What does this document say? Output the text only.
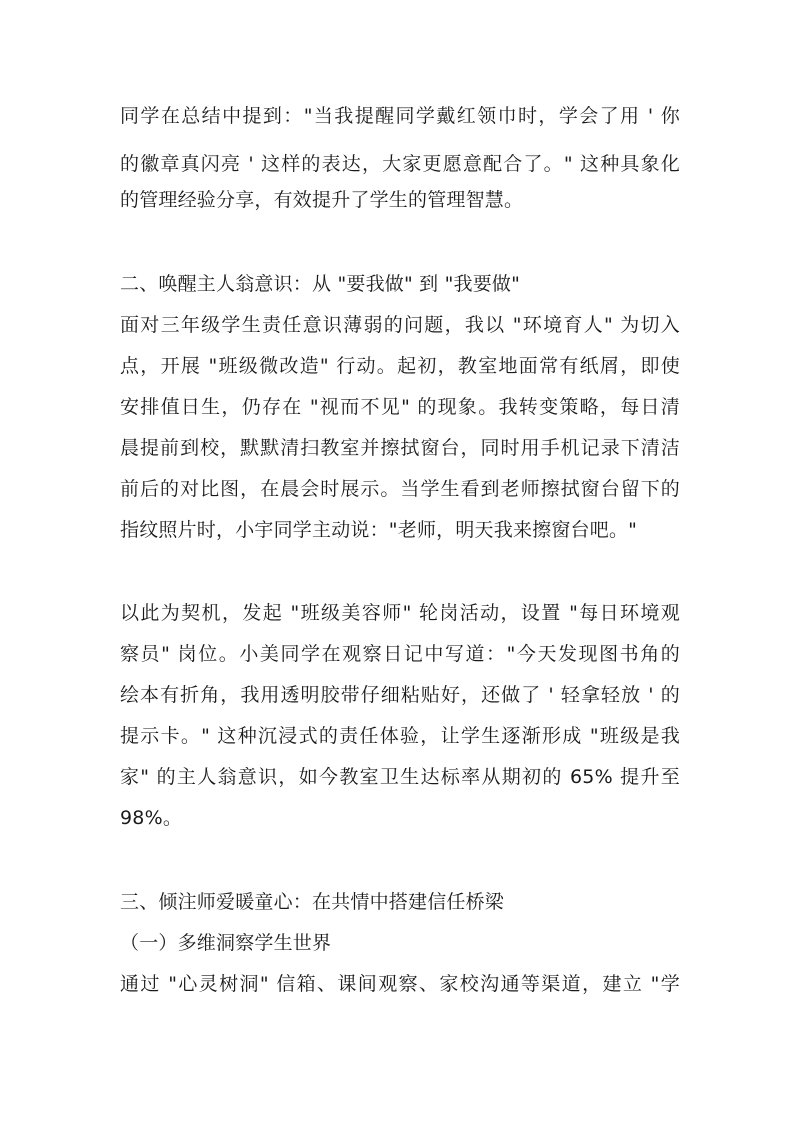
同学在总结中提到："当我提醒同学戴红领巾时，学会了用 ' 你
的徽章真闪亮 ' 这样的表达，大家更愿意配合了。" 这种具象化
的管理经验分享，有效提升了学生的管理智慧。
二、唤醒主人翁意识：从 "要我做" 到 "我要做"
面对三年级学生责任意识薄弱的问题，我以 "环境育人" 为切入
点，开展 "班级微改造" 行动。起初，教室地面常有纸屑，即使
安排值日生，仍存在 "视而不见" 的现象。我转变策略，每日清
晨提前到校，默默清扫教室并擦拭窗台，同时用手机记录下清洁
前后的对比图，在晨会时展示。当学生看到老师擦拭窗台留下的
指纹照片时，小宇同学主动说："老师，明天我来擦窗台吧。"
以此为契机，发起 "班级美容师" 轮岗活动，设置 "每日环境观
察员" 岗位。小美同学在观察日记中写道："今天发现图书角的
绘本有折角，我用透明胶带仔细粘贴好，还做了 ' 轻拿轻放 ' 的
提示卡。" 这种沉浸式的责任体验，让学生逐渐形成 "班级是我
家" 的主人翁意识，如今教室卫生达标率从期初的 65% 提升至
98%。
三、倾注师爱暖童心：在共情中搭建信任桥梁
（一）多维洞察学生世界
通过 "心灵树洞" 信箱、课间观察、家校沟通等渠道，建立 "学
